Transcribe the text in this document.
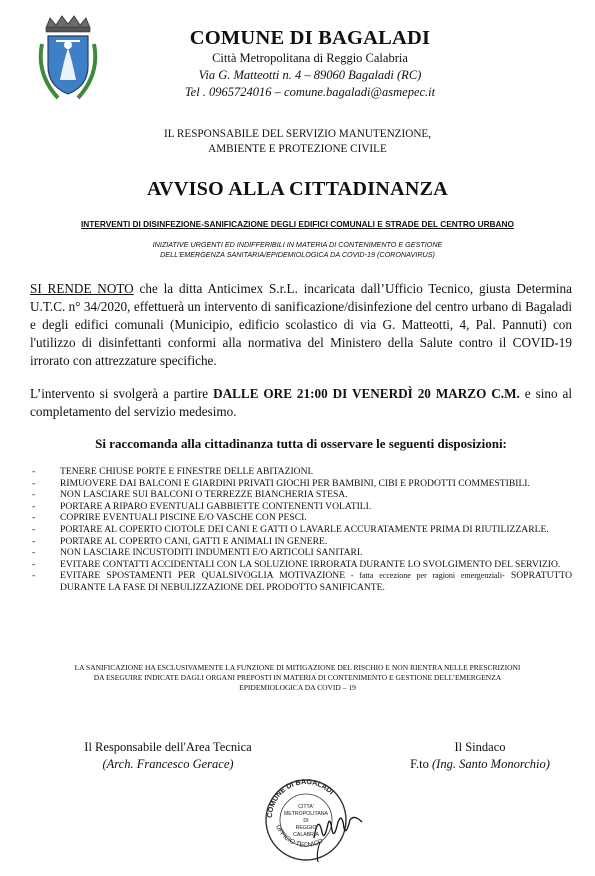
COMUNE DI BAGALADI
Città Metropolitana di Reggio Calabria
Via G. Matteotti n. 4 – 89060 Bagaladi (RC)
Tel . 0965724016 – comune.bagaladi@asmepec.it
IL RESPONSABILE DEL SERVIZIO MANUTENZIONE,
AMBIENTE E PROTEZIONE CIVILE
AVVISO ALLA CITTADINANZA
INTERVENTI DI DISINFEZIONE-SANIFICAZIONE DEGLI EDIFICI COMUNALI E STRADE DEL CENTRO URBANO
INIZIATIVE URGENTI ED INDIFFERIBILI IN MATERIA DI CONTENIMENTO E GESTIONE
DELL'EMERGENZA SANITARIA/EPIDEMIOLOGICA DA COVID-19 (CORONAVIRUS)
SI RENDE NOTO che la ditta Anticimex S.r.L. incaricata dall’Ufficio Tecnico, giusta Determina U.T.C. n° 34/2020, effettuerà un intervento di sanificazione/disinfezione del centro urbano di Bagaladi e degli edifici comunali (Municipio, edificio scolastico di via G. Matteotti, 4, Pal. Pannuti) con l'utilizzo di disinfettanti conformi alla normativa del Ministero della Salute contro il COVID-19 irrorato con attrezzature specifiche.
L’intervento si svolgerà a partire DALLE ORE 21:00 DI VENERDÌ 20 MARZO C.M. e sino al completamento del servizio medesimo.
Si raccomanda alla cittadinanza tutta di osservare le seguenti disposizioni:
-	TENERE CHIUSE PORTE E FINESTRE DELLE ABITAZIONI.
-	RIMUOVERE DAI BALCONI E GIARDINI PRIVATI GIOCHI PER BAMBINI, CIBI E PRODOTTI COMMESTIBILI.
-	NON LASCIARE SUI BALCONI O TERREZZE BIANCHERIA STESA.
-	PORTARE A RIPARO EVENTUALI GABBIETTE CONTENENTI VOLATILI.
-	COPRIRE EVENTUALI PISCINE E/O VASCHE CON PESCI.
-	PORTARE AL COPERTO CIOTOLE DEI CANI E GATTI O LAVARLE ACCURATAMENTE PRIMA DI RIUTILIZZARLE.
-	PORTARE AL COPERTO CANI, GATTI E ANIMALI IN GENERE.
-	NON LASCIARE INCUSTODITI INDUMENTI E/O ARTICOLI SANITARI.
-	EVITARE CONTATTI ACCIDENTALI CON LA SOLUZIONE IRRORATA DURANTE LO SVOLGIMENTO DEL SERVIZIO.
-	EVITARE SPOSTAMENTI PER QUALSIVOGLIA MOTIVAZIONE - fatta eccezione per ragioni emergenziali- SOPRATUTTO DURANTE LA FASE DI NEBULIZZAZIONE DEL PRODOTTO SANIFICANTE.
LA SANIFICAZIONE HA ESCLUSIVAMENTE LA FUNZIONE DI MITIGAZIONE DEL RISCHIO E NON RIENTRA NELLE PRESCRIZIONI
DA ESEGUIRE INDICATE DAGLI ORGANI PREPOSTI IN MATERIA DI CONTENIMENTO E GESTIONE DELL’EMERGENZA
EPIDEMIOLOGICA DA COVID – 19
Il Responsabile dell'Area Tecnica
(Arch. Francesco Gerace)
Il Sindaco
F.to (Ing. Santo Monorchio)
COMUNE DI BAGALADI
UFFICIO TECNICO
CITTA'
METROPOLITANA
DI
REGGIO
CALABRIA
